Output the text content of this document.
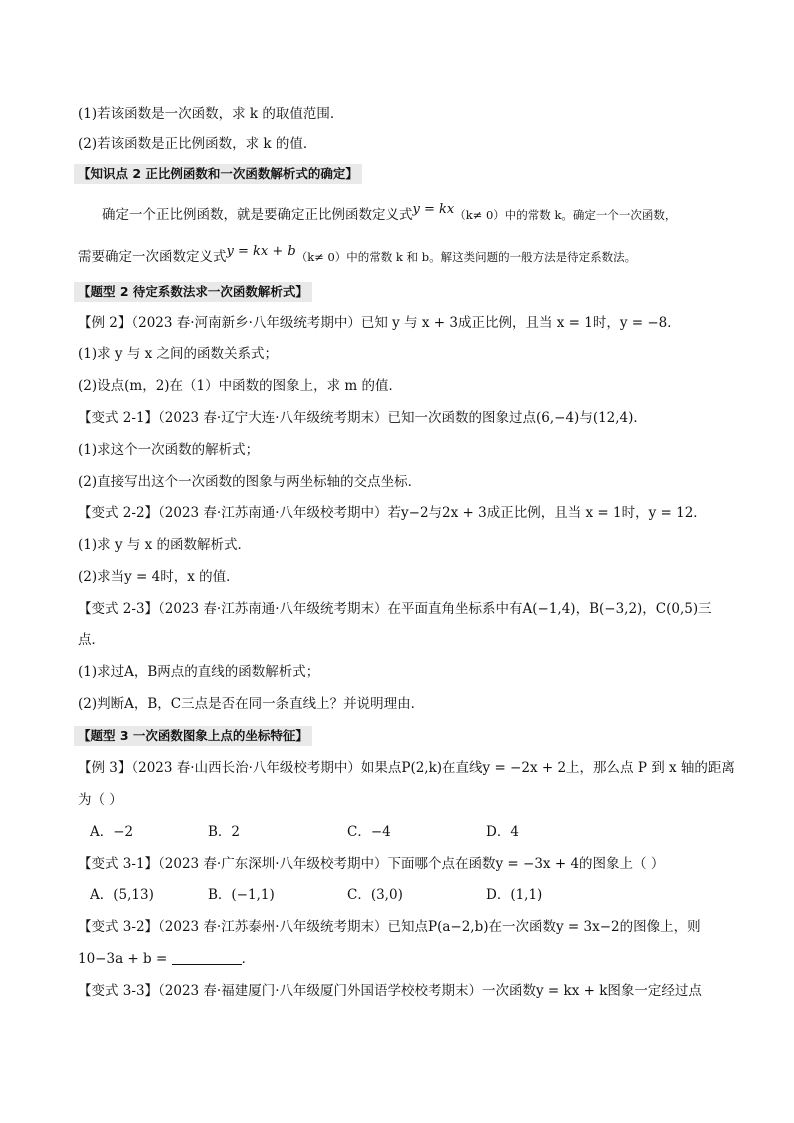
(1)若该函数是一次函数，求 k 的取值范围．
(2)若该函数是正比例函数，求 k 的值．
【知识点 2 正比例函数和一次函数解析式的确定】
确定一个正比例函数，就是要确定正比例函数定义式y = kx（k≠ 0）中的常数 k。确定一个一次函数，
需要确定一次函数定义式y = kx + b（k≠ 0）中的常数 k 和 b。解这类问题的一般方法是待定系数法。
【题型 2 待定系数法求一次函数解析式】
【例 2】（2023 春·河南新乡·八年级统考期中）已知 y 与 x + 3成正比例，且当 x = 1时，y = −8．
(1)求 y 与 x 之间的函数关系式；
(2)设点(m，2)在（1）中函数的图象上，求 m 的值．
【变式 2-1】（2023 春·辽宁大连·八年级统考期末）已知一次函数的图象过点(6,−4)与(12,4)．
(1)求这个一次函数的解析式；
(2)直接写出这个一次函数的图象与两坐标轴的交点坐标．
【变式 2-2】（2023 春·江苏南通·八年级校考期中）若y−2与2x + 3成正比例，且当 x = 1时，y = 12．
(1)求 y 与 x 的函数解析式．
(2)求当y = 4时，x 的值．
【变式 2-3】（2023 春·江苏南通·八年级统考期末）在平面直角坐标系中有A(−1,4)，B(−3,2)，C(0,5)三
点．
(1)求过A，B两点的直线的函数解析式；
(2)判断A，B，C三点是否在同一条直线上？并说明理由．
【题型 3 一次函数图象上点的坐标特征】
【例 3】（2023 春·山西长治·八年级校考期中）如果点P(2,k)在直线y = −2x + 2上，那么点 P 到 x 轴的距离
为（ ）
A．−2	B．2	C．−4	D．4
【变式 3-1】（2023 春·广东深圳·八年级校考期中）下面哪个点在函数y = −3x + 4的图象上（ ）
A．(5,13)	B．(−1,1)	C．(3,0)	D．(1,1)
【变式 3-2】（2023 春·江苏泰州·八年级统考期末）已知点P(a−2,b)在一次函数y = 3x−2的图像上，则
10−3a + b =	．
【变式 3-3】（2023 春·福建厦门·八年级厦门外国语学校校考期末）一次函数y = kx + k图象一定经过点
